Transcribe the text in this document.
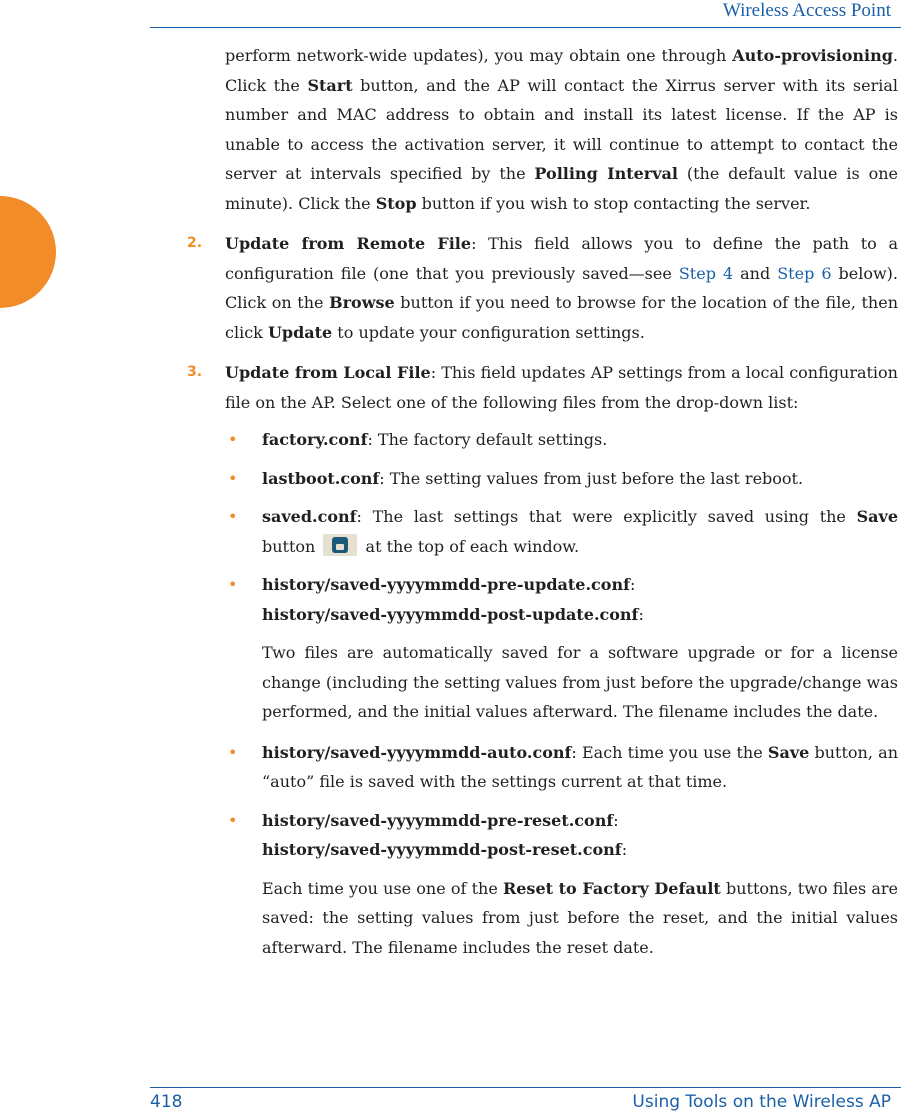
Wireless Access Point

perform network-wide updates), you may obtain one through Auto-provisioning. Click the Start button, and the AP will contact the Xirrus server with its serial number and MAC address to obtain and install its latest license. If the AP is unable to access the activation server, it will continue to attempt to contact the server at intervals specified by the Polling Interval (the default value is one minute). Click the Stop button if you wish to stop contacting the server.

2. Update from Remote File: This field allows you to define the path to a configuration file (one that you previously saved—see Step 4 and Step 6 below). Click on the Browse button if you need to browse for the location of the file, then click Update to update your configuration settings.

3. Update from Local File: This field updates AP settings from a local configuration file on the AP. Select one of the following files from the drop-down list:

• factory.conf: The factory default settings.

• lastboot.conf: The setting values from just before the last reboot.

• saved.conf: The last settings that were explicitly saved using the Save button	at the top of each window.

• history/saved-yyyymmdd-pre-update.conf:
history/saved-yyyymmdd-post-update.conf:

Two files are automatically saved for a software upgrade or for a license change (including the setting values from just before the upgrade/change was performed, and the initial values afterward. The filename includes the date.

• history/saved-yyyymmdd-auto.conf: Each time you use the Save button, an “auto” file is saved with the settings current at that time.

• history/saved-yyyymmdd-pre-reset.conf:
history/saved-yyyymmdd-post-reset.conf:

Each time you use one of the Reset to Factory Default buttons, two files are saved: the setting values from just before the reset, and the initial values afterward. The filename includes the reset date.

418	Using Tools on the Wireless AP
